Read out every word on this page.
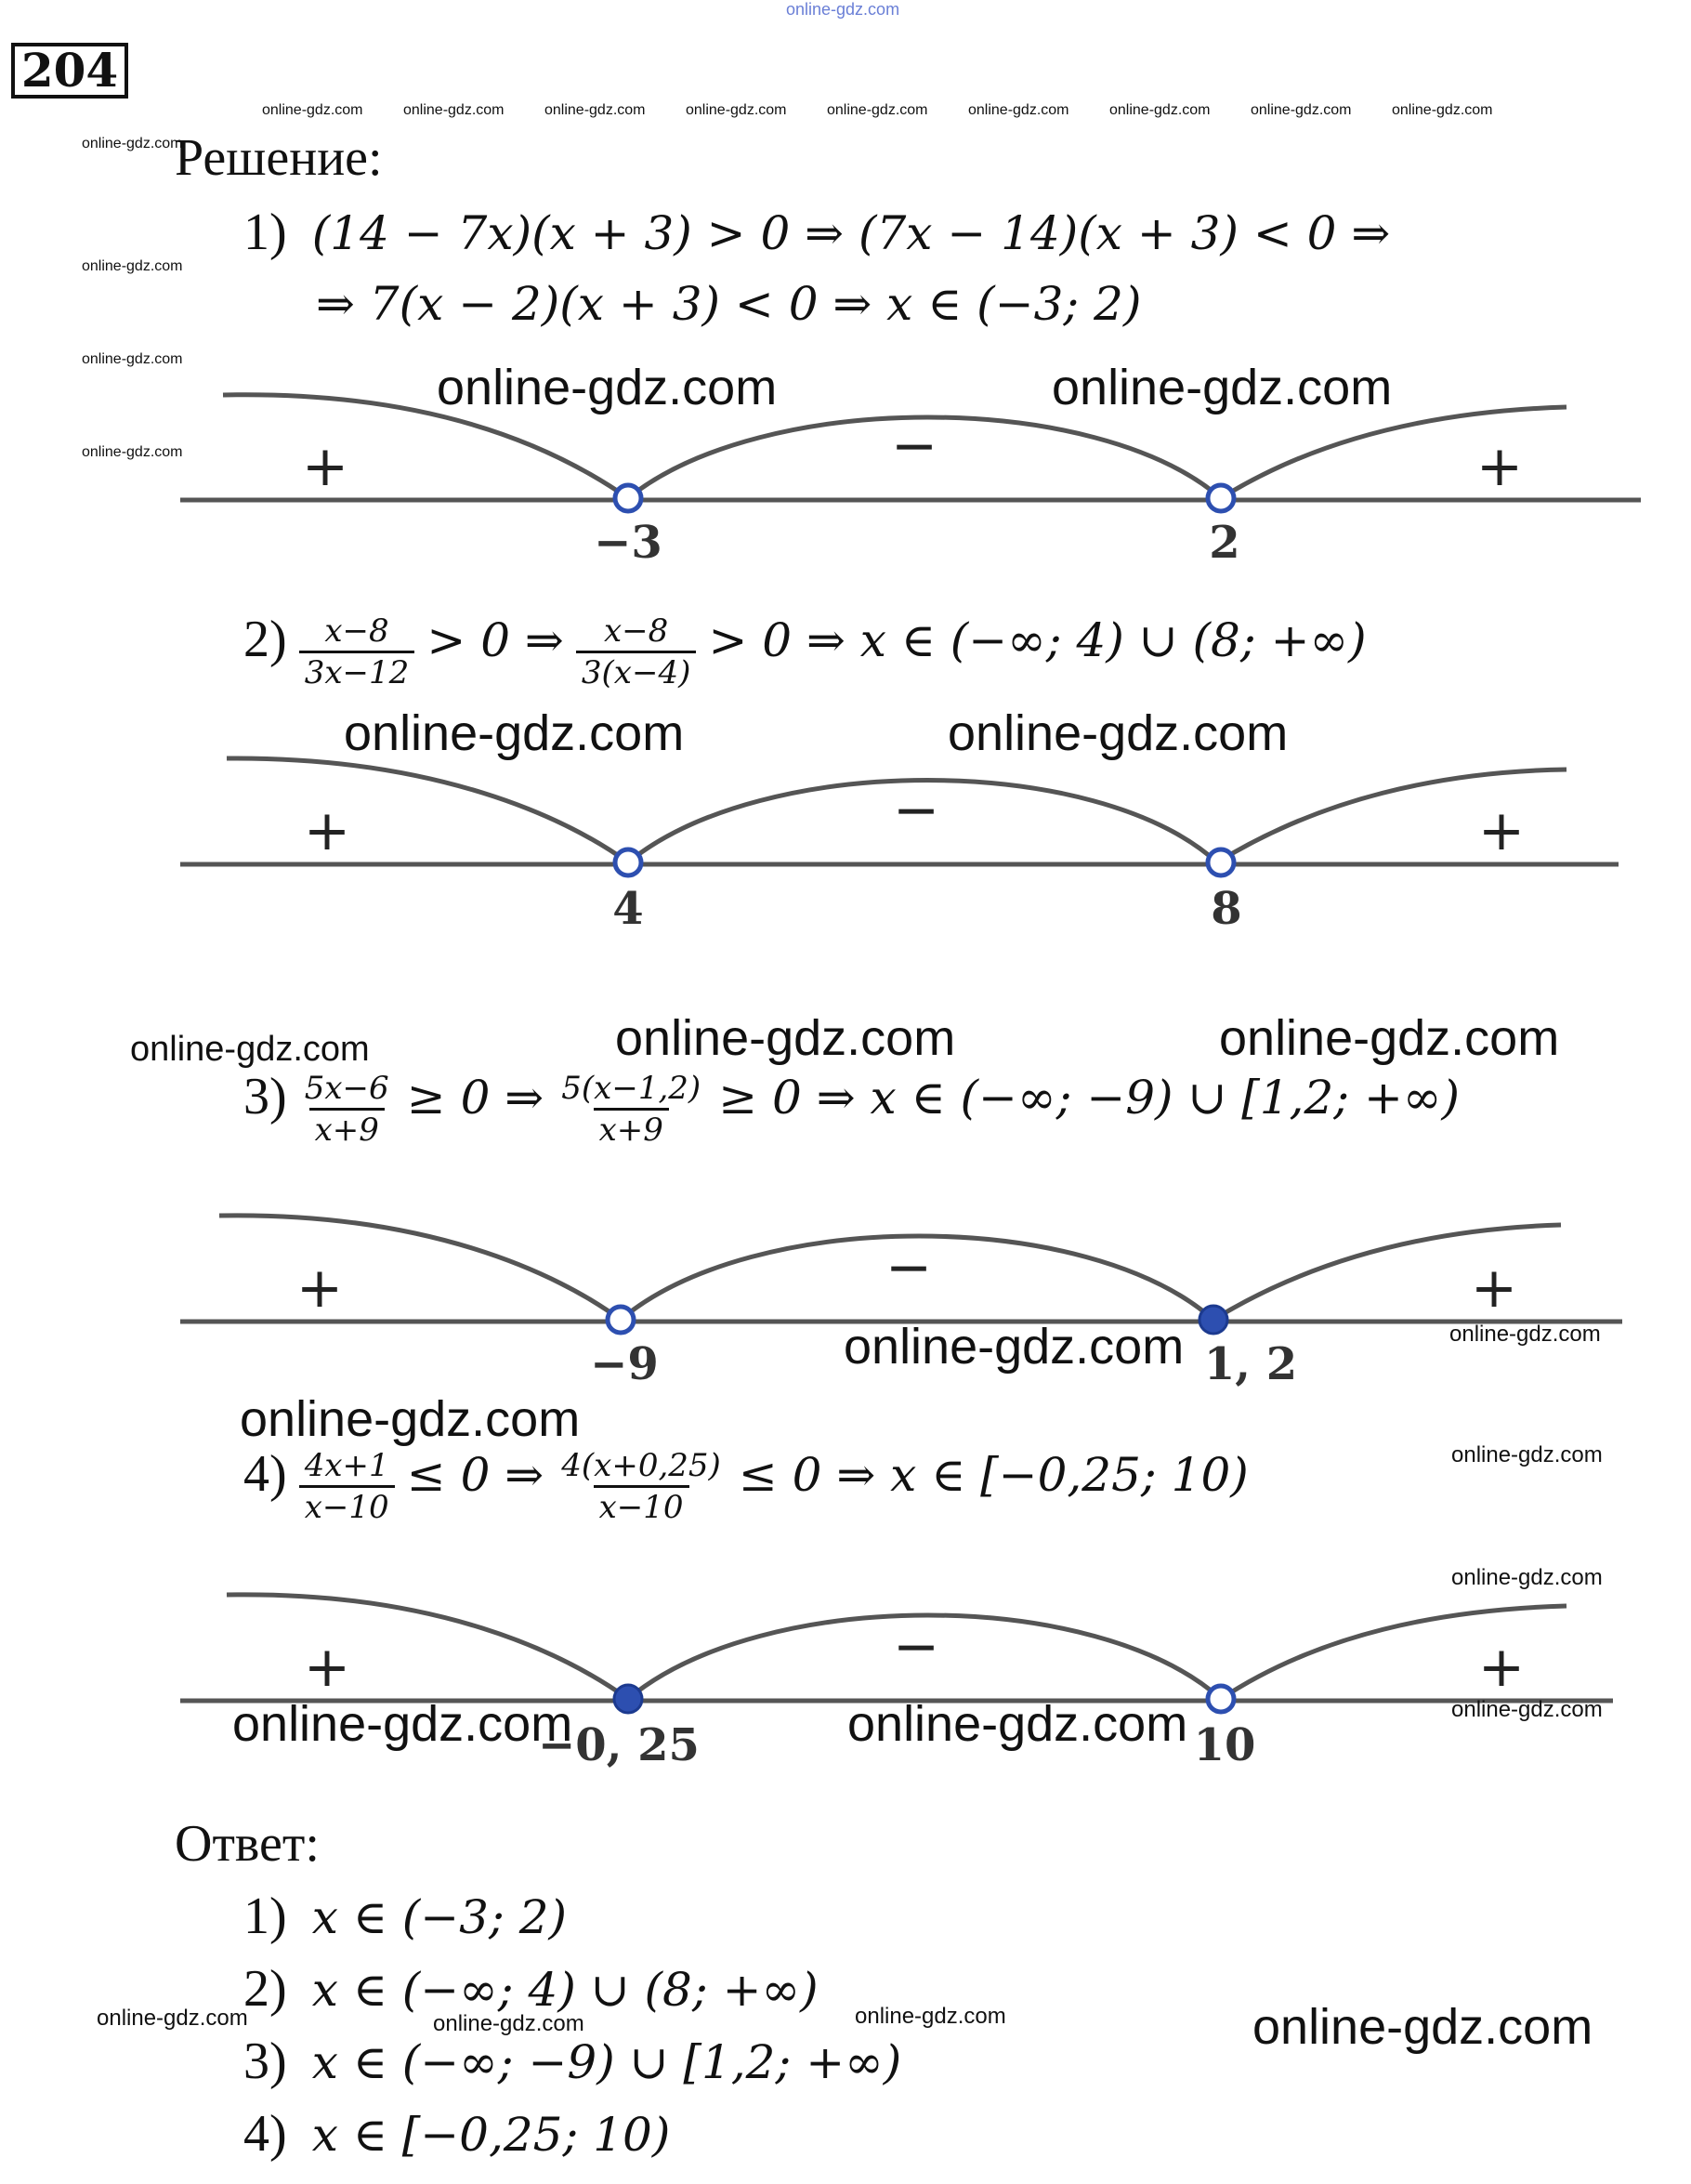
online-gdz.com
204
online-gdz.com	online-gdz.com	online-gdz.com	online-gdz.com	online-gdz.com	online-gdz.com	online-gdz.com	online-gdz.com	online-gdz.com
online-gdz.com
online-gdz.com
online-gdz.com
online-gdz.com
Решение:
1) (14 − 7x)(x + 3) > 0 ⇒ (7x − 14)(x + 3) < 0 ⇒
⇒ 7(x − 2)(x + 3) < 0 ⇒ x ∈ (−3; 2)
−3	2
+	−	+
online-gdz.com	online-gdz.com
$2) \frac{x-8}{3x-12} > 0$ ⇒ $\frac{x-8}{3(x-4)} > 0$ ⇒ x ∈ (−∞; 4) ∪ (8; +∞)
online-gdz.com	online-gdz.com
4	8
+	−	+
online-gdz.com	online-gdz.com	online-gdz.com
$3) \frac{5x-6}{x+9} \ge 0$ ⇒ $\frac{5(x-1,2)}{x+9} \ge 0$ ⇒ x ∈ (−∞; −9) ∪ [1,2; +∞)
−9	1, 2
+	−	+
online-gdz.com	online-gdz.com
online-gdz.com
$4) \frac{4x+1}{x-10} \le 0$ ⇒ $\frac{4(x+0,25)}{x-10} \le 0$ ⇒ x ∈ [−0,25; 10)	online-gdz.com
online-gdz.com
−0, 25	10
+	−	+
online-gdz.com
online-gdz.com	online-gdz.com
Ответ:
1) x ∈ (−3; 2)
2) x ∈ (−∞; 4) ∪ (8; +∞)
3) x ∈ (−∞; −9) ∪ [1,2; +∞)
4) x ∈ [−0,25; 10)
online-gdz.com	online-gdz.com	online-gdz.com	online-gdz.com
